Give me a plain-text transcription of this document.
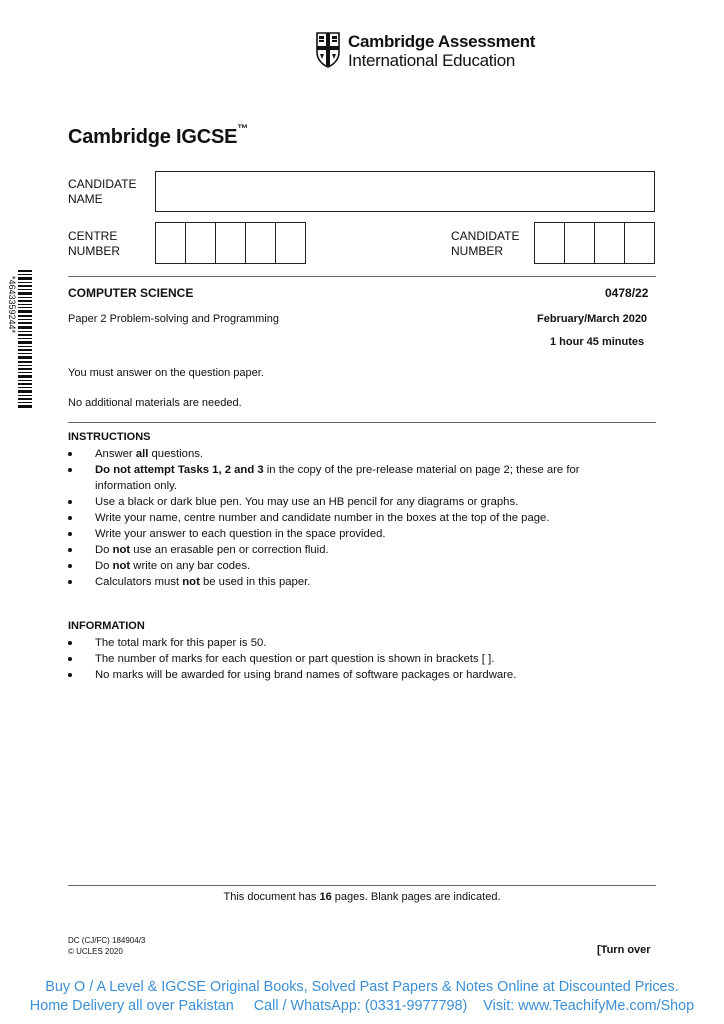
Cambridge Assessment
International Education
Cambridge IGCSE™
CANDIDATE
NAME
CENTRE
NUMBER
CANDIDATE
NUMBER
*4643359244*	COMPUTER SCIENCE	0478/22
Paper 2 Problem-solving and Programming	February/March 2020
1 hour 45 minutes
You must answer on the question paper.
No additional materials are needed.
INSTRUCTIONS
Answer all questions.
Do not attempt Tasks 1, 2 and 3 in the copy of the pre-release material on page 2; these are for
information only.
Use a black or dark blue pen. You may use an HB pencil for any diagrams or graphs.
Write your name, centre number and candidate number in the boxes at the top of the page.
Write your answer to each question in the space provided.
Do not use an erasable pen or correction fluid.
Do not write on any bar codes.
Calculators must not be used in this paper.
INFORMATION
The total mark for this paper is 50.
The number of marks for each question or part question is shown in brackets [ ].
No marks will be awarded for using brand names of software packages or hardware.
This document has 16 pages. Blank pages are indicated.
DC (CJ/FC) 184904/3
© UCLES 2020	[Turn over
Buy O / A Level & IGCSE Original Books, Solved Past Papers & Notes Online at Discounted Prices.
Home Delivery all over Pakistan     Call / WhatsApp: (0331-9977798)    Visit: www.TeachifyMe.com/Shop
